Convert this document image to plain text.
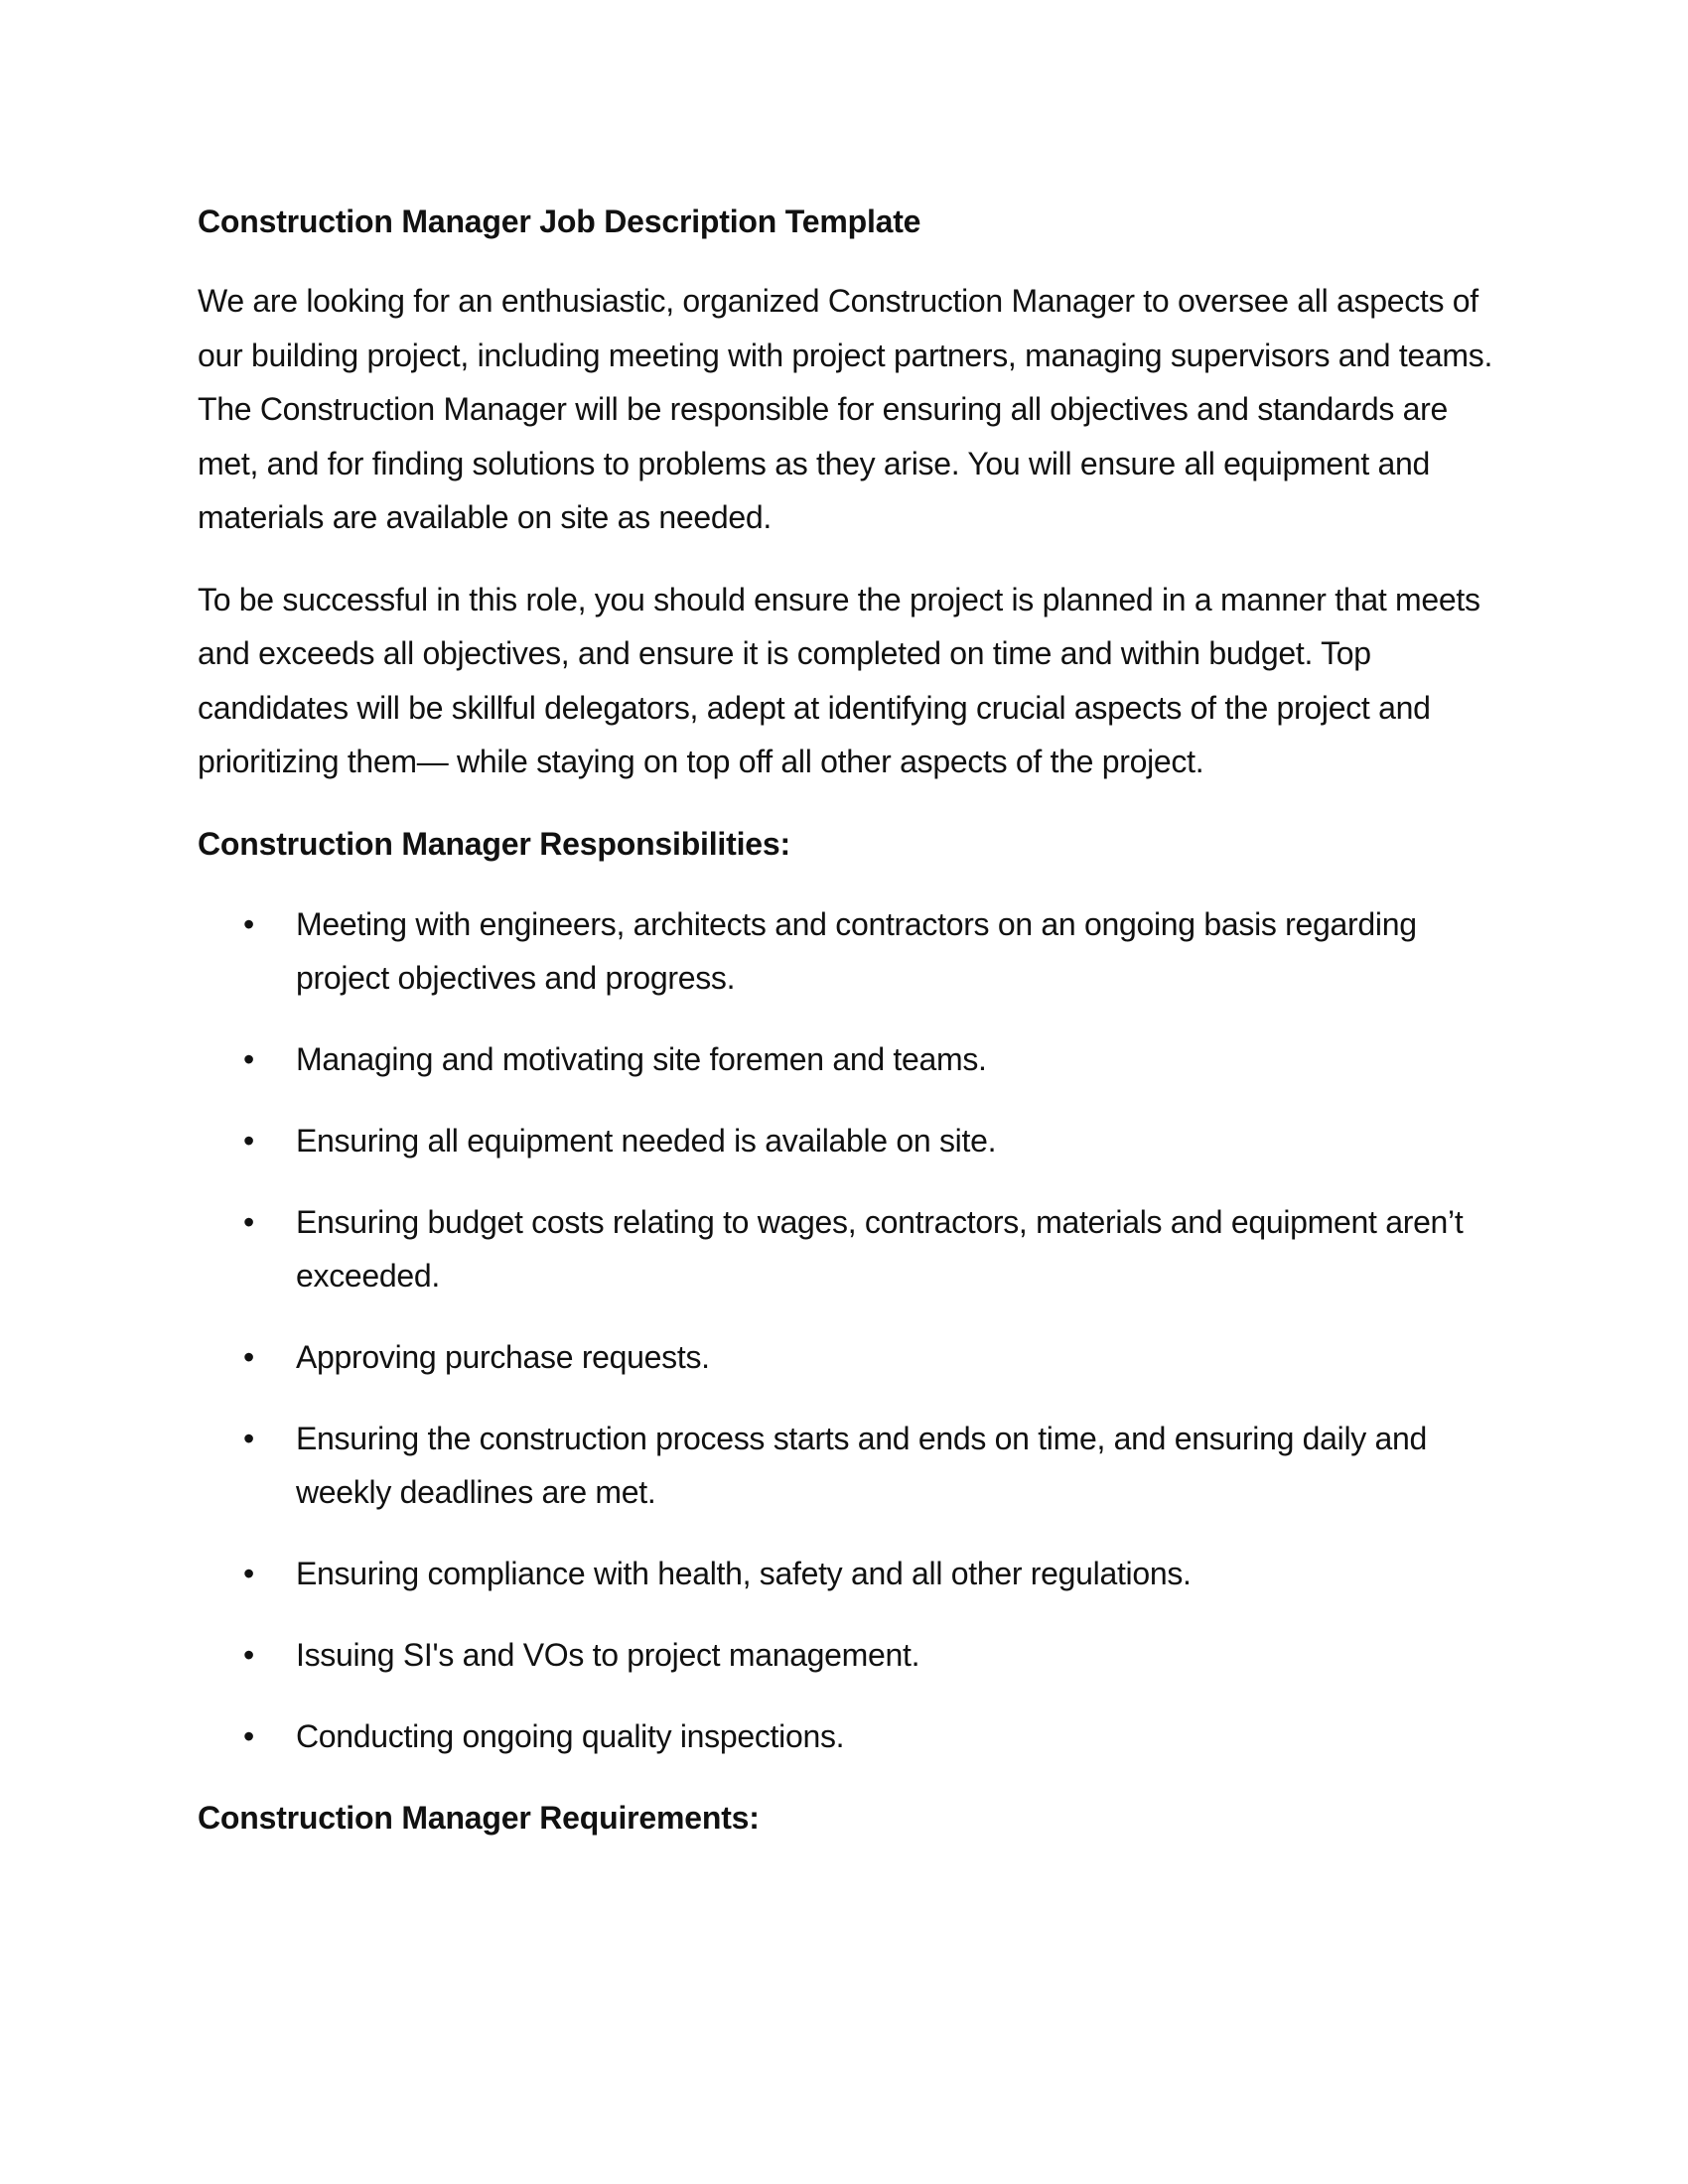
Construction Manager Job Description Template

We are looking for an enthusiastic, organized Construction Manager to oversee all aspects of our building project, including meeting with project partners, managing supervisors and teams. The Construction Manager will be responsible for ensuring all objectives and standards are met, and for finding solutions to problems as they arise. You will ensure all equipment and materials are available on site as needed.

To be successful in this role, you should ensure the project is planned in a manner that meets and exceeds all objectives, and ensure it is completed on time and within budget. Top candidates will be skillful delegators, adept at identifying crucial aspects of the project and prioritizing them— while staying on top off all other aspects of the project.

Construction Manager Responsibilities:
• Meeting with engineers, architects and contractors on an ongoing basis regarding project objectives and progress.
• Managing and motivating site foremen and teams.
• Ensuring all equipment needed is available on site.
• Ensuring budget costs relating to wages, contractors, materials and equipment aren’t exceeded.
• Approving purchase requests.
• Ensuring the construction process starts and ends on time, and ensuring daily and weekly deadlines are met.
• Ensuring compliance with health, safety and all other regulations.
• Issuing SI's and VOs to project management.
• Conducting ongoing quality inspections.
Construction Manager Requirements:
